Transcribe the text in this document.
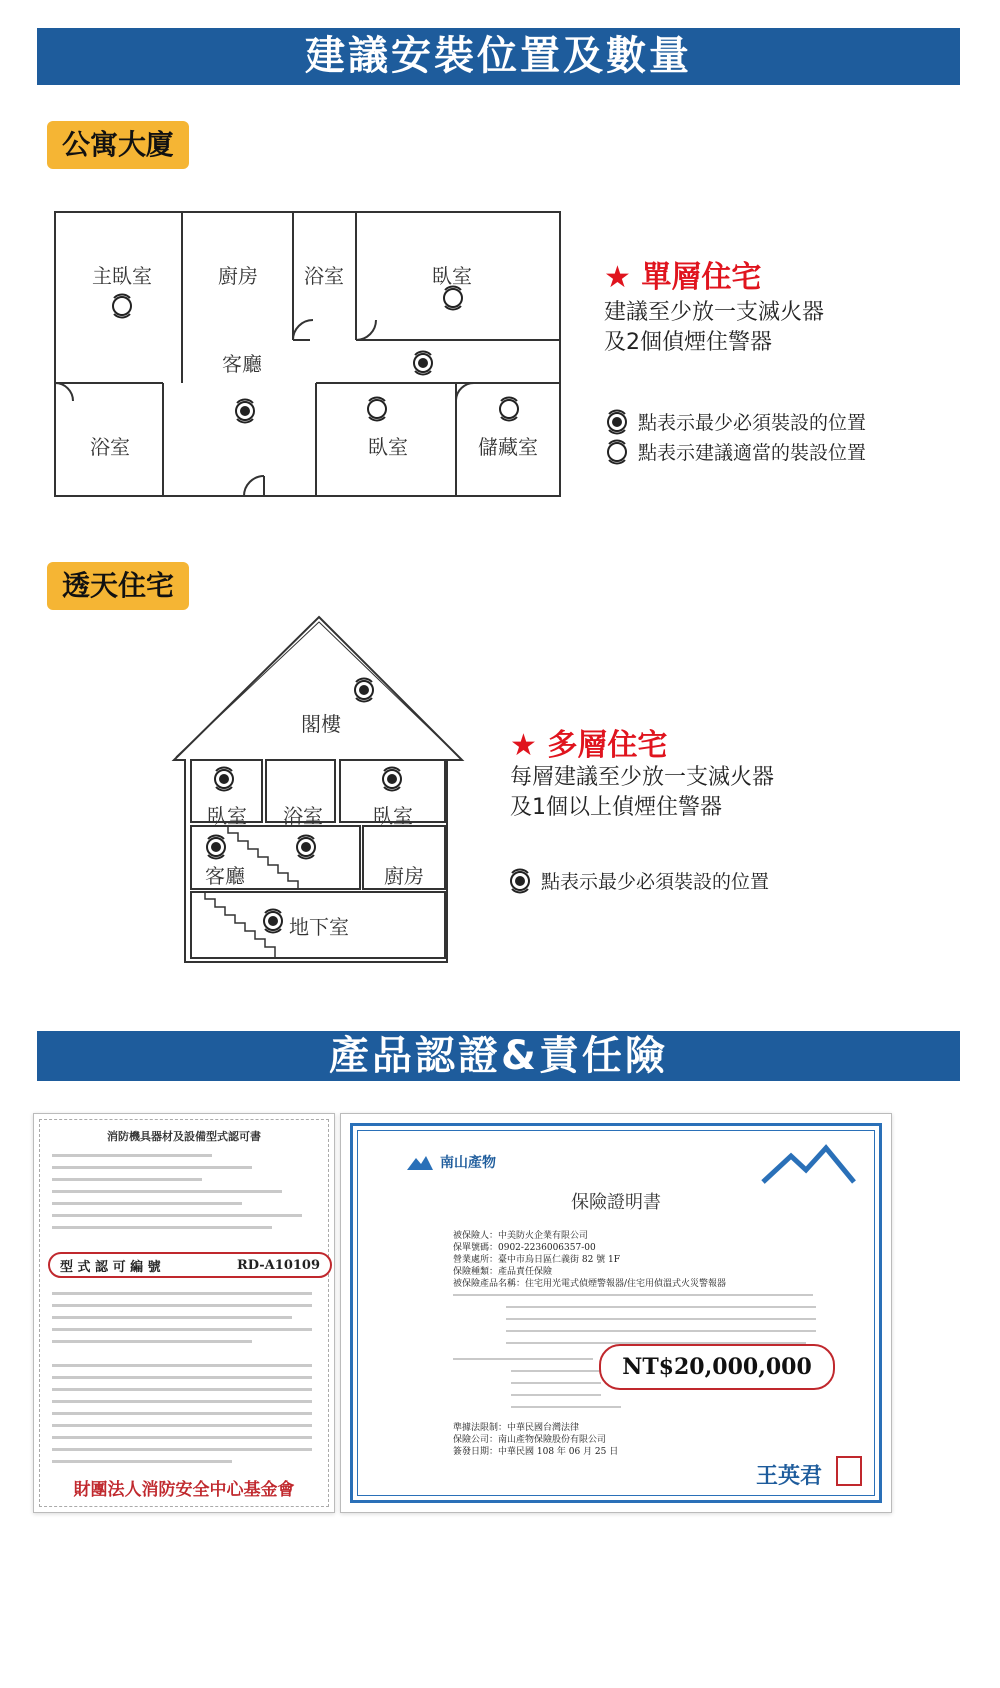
建議安裝位置及數量
公寓大廈
主臥室	廚房 浴室	臥室
客廳
浴室	臥室	儲藏室
★ 單層住宅
建議至少放一支滅火器
及2個偵煙住警器
點表示最少必須裝設的位置
點表示建議適當的裝設位置
透天住宅
閣樓
臥室 浴室	臥室
客廳	廚房
地下室
★ 多層住宅
每層建議至少放一支滅火器
及1個以上偵煙住警器
點表示最少必須裝設的位置
產品認證&責任險
消防機具器材及設備型式認可書
型 式 認 可 編 號	RD-A10109
財團法人消防安全中心基金會
南山產物
保險證明書
被保險人：中美防火企業有限公司
保單號碼：0902-2236006357-00
營業處所：臺中市烏日區仁義街 82 號 1F
保險種類：產品責任保險
被保險產品名稱：住宅用光電式偵煙警報器/住宅用偵溫式火災警報器
NT$20,000,000
準據法限制：中華民國台灣法律
保險公司：南山產物保險股份有限公司
簽發日期：中華民國 108 年 06 月 25 日
王英君
